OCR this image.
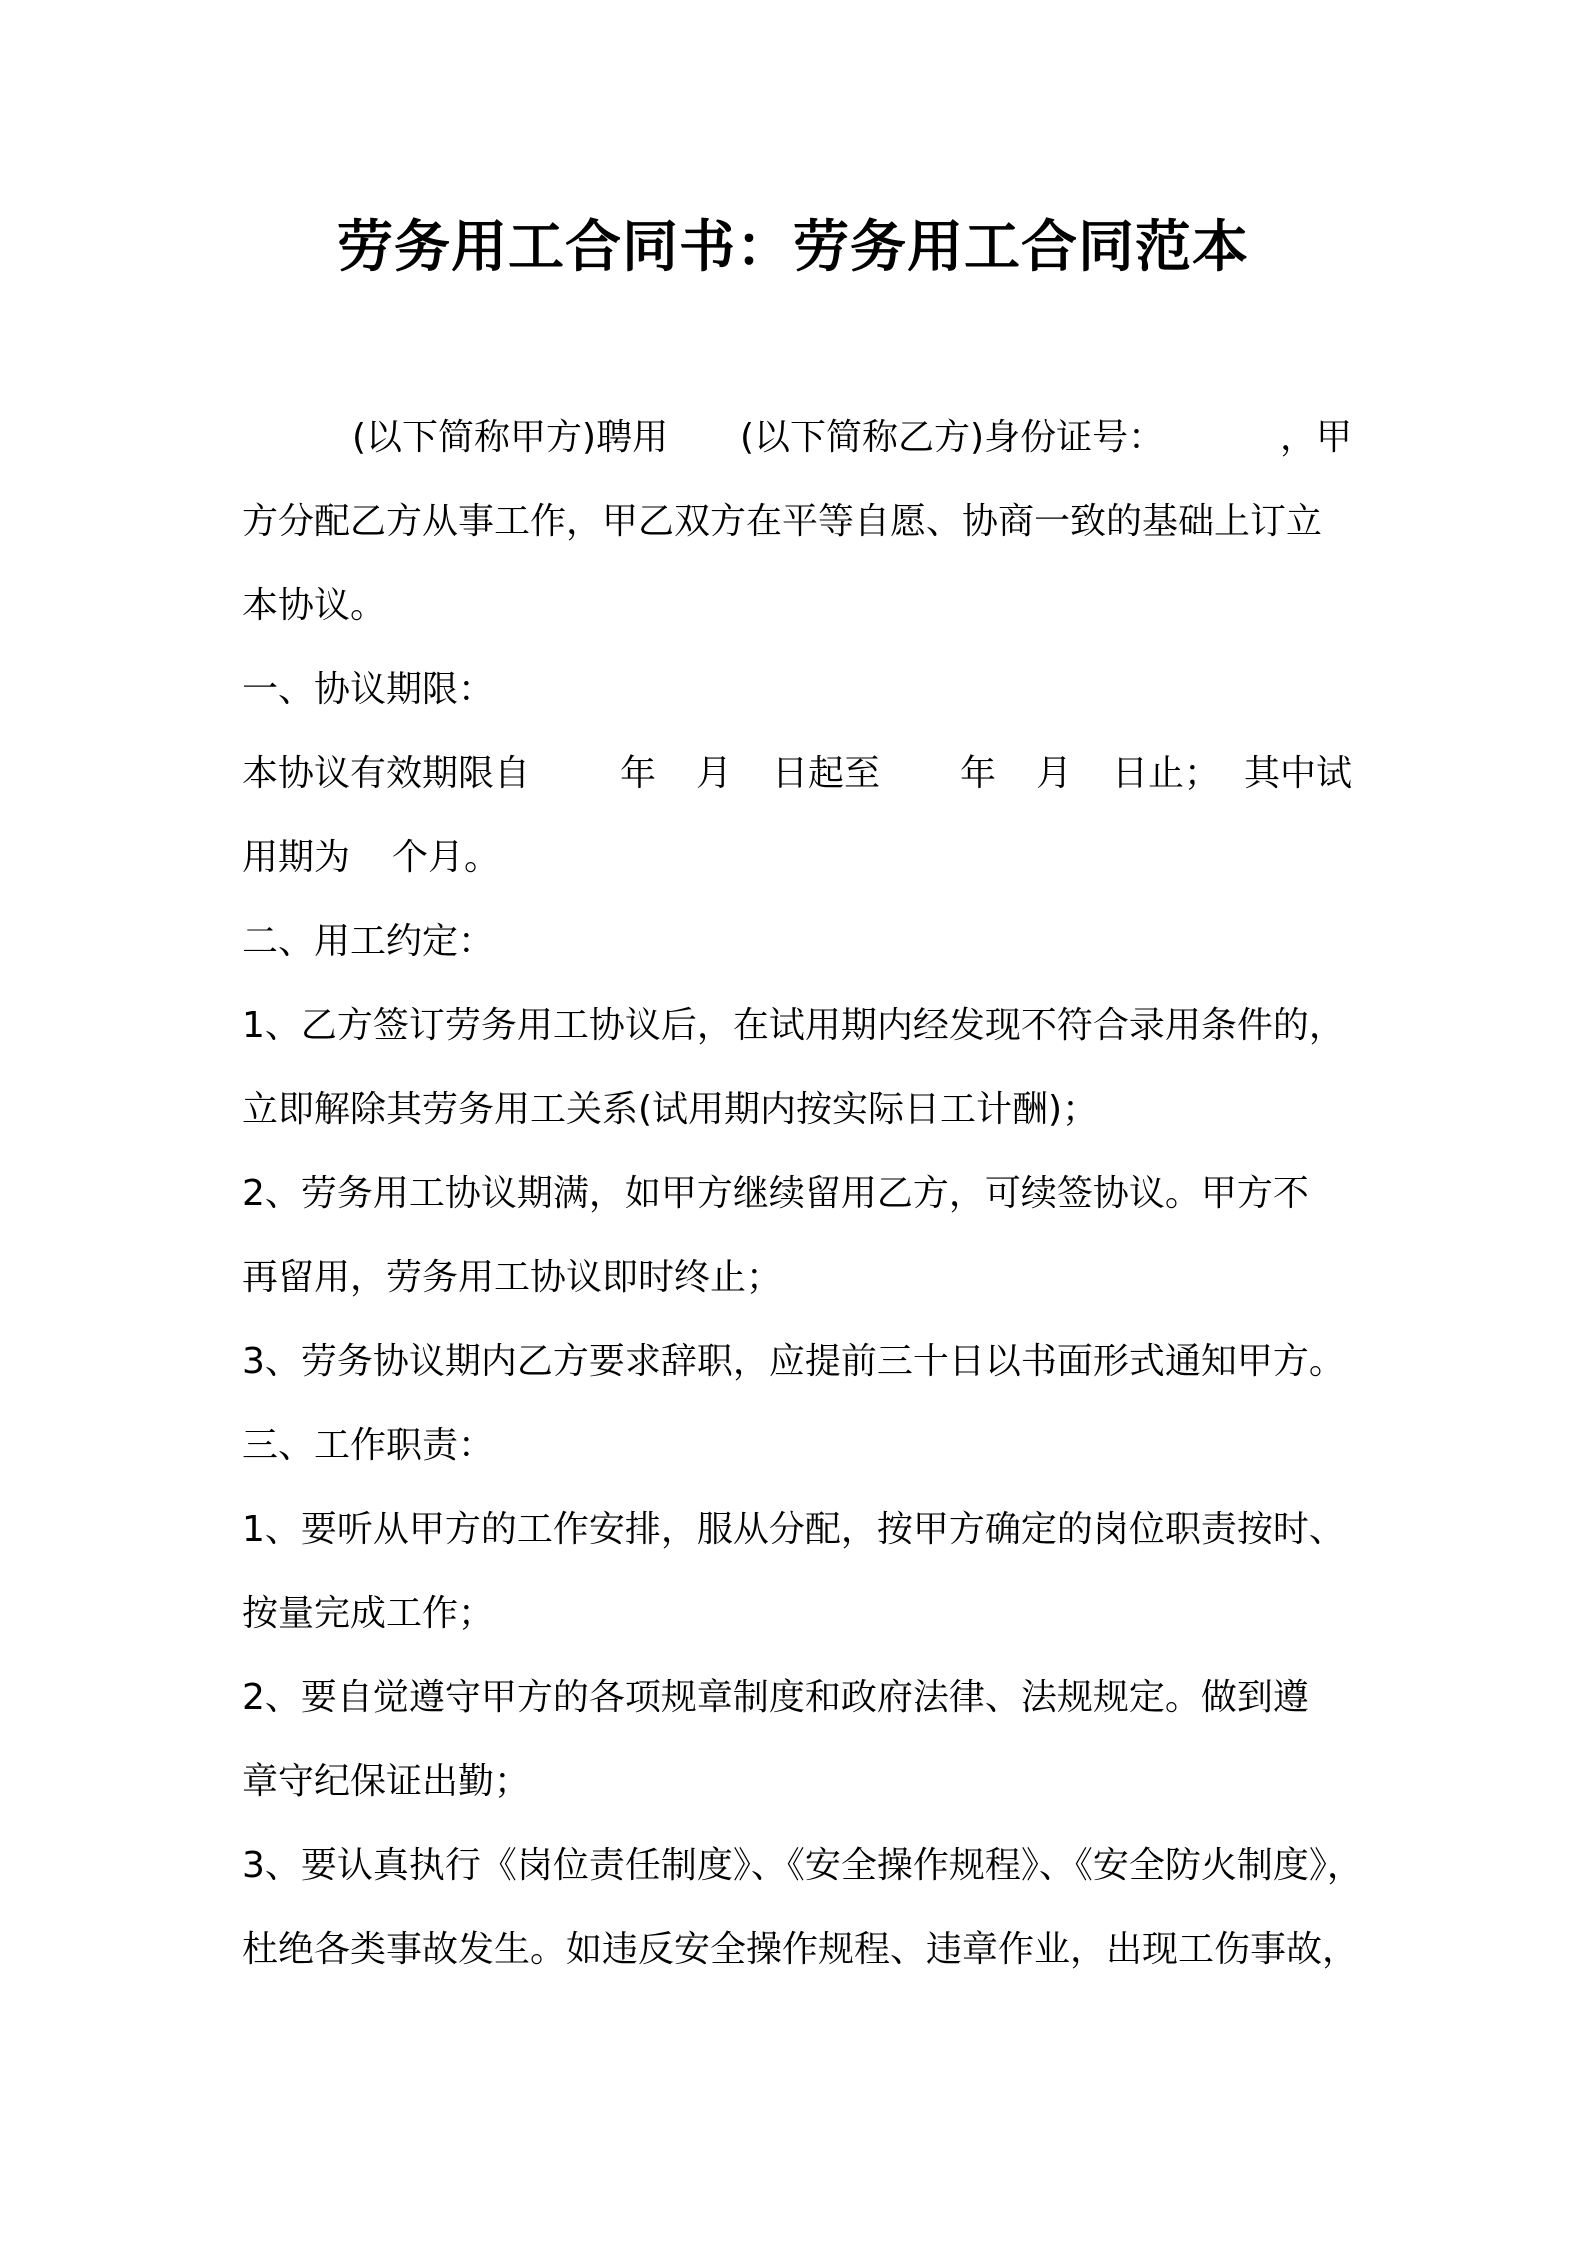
劳务用工合同书：劳务用工合同范本
(以下简称甲方)聘用 (以下简称乙方)身份证号：	，甲
方分配乙方从事工作，甲乙双方在平等自愿、协商一致的基础上订立
本协议。
一、协议期限：
本协议有效期限自 年 月 日起至 年 月 日止； 其中试
用期为 个月。
二、用工约定：
1、乙方签订劳务用工协议后，在试用期内经发现不符合录用条件的，
立即解除其劳务用工关系(试用期内按实际日工计酬)；
2、劳务用工协议期满，如甲方继续留用乙方，可续签协议。甲方不
再留用，劳务用工协议即时终止；
3、劳务协议期内乙方要求辞职，应提前三十日以书面形式通知甲方。
三、工作职责：
1、要听从甲方的工作安排，服从分配，按甲方确定的岗位职责按时、
按量完成工作；
2、要自觉遵守甲方的各项规章制度和政府法律、法规规定。做到遵
章守纪保证出勤；
3、要认真执行《岗位责任制度》、《安全操作规程》、《安全防火制度》，
杜绝各类事故发生。如违反安全操作规程、违章作业，出现工伤事故，
